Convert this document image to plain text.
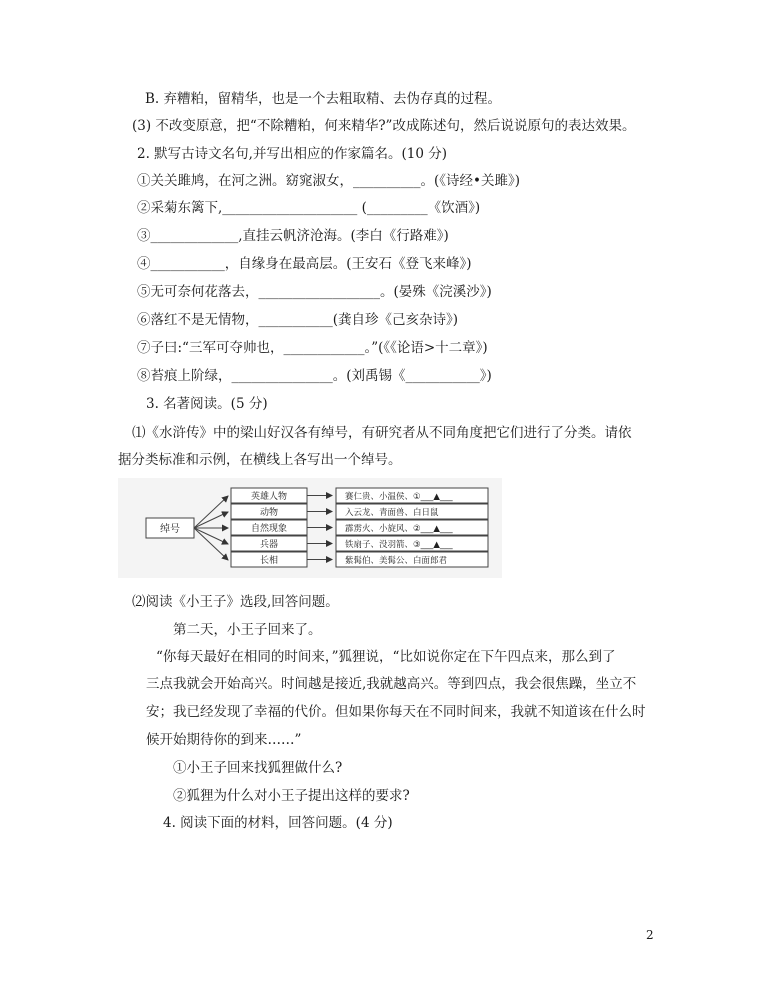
B. 弃糟粕，留精华，也是一个去粗取精、去伪存真的过程。
(3) 不改变原意，把“不除糟粕，何来精华?”改成陈述句，然后说说原句的表达效果。
2. 默写古诗文名句,并写出相应的作家篇名。(10 分)
①关关雎鸠，在河之洲。窈窕淑女，__________。(《诗经•关雎》)
②采菊东篱下,____________________ (_________《饮酒》)
③_____________,直挂云帆济沧海。(李白《行路难》)
④___________，自缘身在最高层。(王安石《登飞来峰》)
⑤无可奈何花落去，__________________。(晏殊《浣溪沙》)
⑥落红不是无情物，___________(龚自珍《己亥杂诗》)
⑦子曰:“三军可夺帅也，____________。”(《《论语>十二章》)
⑧苔痕上阶绿，_______________。(刘禹锡《___________》)
3. 名著阅读。(5 分)
⑴《水浒传》中的梁山好汉各有绰号，有研究者从不同角度把它们进行了分类。请依
据分类标准和示例，在横线上各写出一个绰号。
绰号
英雄人物
动物
自然现象
兵器
长相
赛仁贵、小温侯、①___▲___
入云龙、青面兽、白日鼠
霹雳火、小旋风、②___▲___
铁扇子、没羽箭、③___▲___
紫髯伯、美髯公、白面郎君
⑵阅读《小王子》选段,回答问题。
第二天，小王子回来了。
“你每天最好在相同的时间来，”狐狸说，“比如说你定在下午四点来，那么到了
三点我就会开始高兴。时间越是接近,我就越高兴。等到四点，我会很焦躁，坐立不
安；我已经发现了幸福的代价。但如果你每天在不同时间来，我就不知道该在什么时
候开始期待你的到来……”
①小王子回来找狐狸做什么?
②狐狸为什么对小王子提出这样的要求?
4. 阅读下面的材料，回答问题。(4 分)
2
